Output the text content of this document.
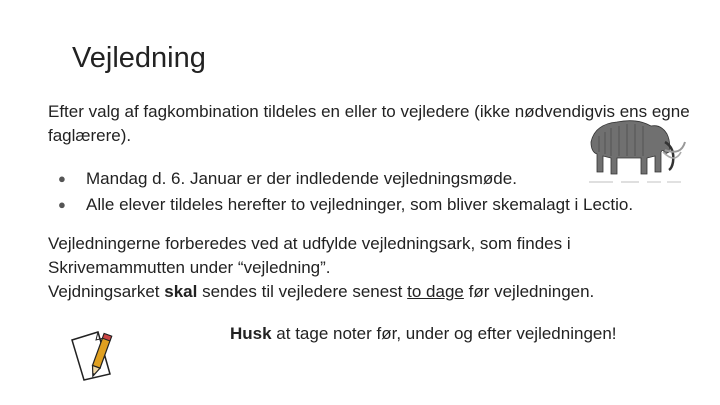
Vejledning
Efter valg af fagkombination tildeles en eller to vejledere (ikke nødvendigvis ens egne faglærere).
● Mandag d. 6. Januar er der indledende vejledningsmøde.
● Alle elever tildeles herefter to vejledninger, som bliver skemalagt i Lectio.
Vejledningerne forberedes ved at udfylde vejledningsark, som findes i
Skrivemammutten under “vejledning”.
Vejdningsarket skal sendes til vejledere senest to dage før vejledningen.
Husk at tage noter før, under og efter vejledningen!
